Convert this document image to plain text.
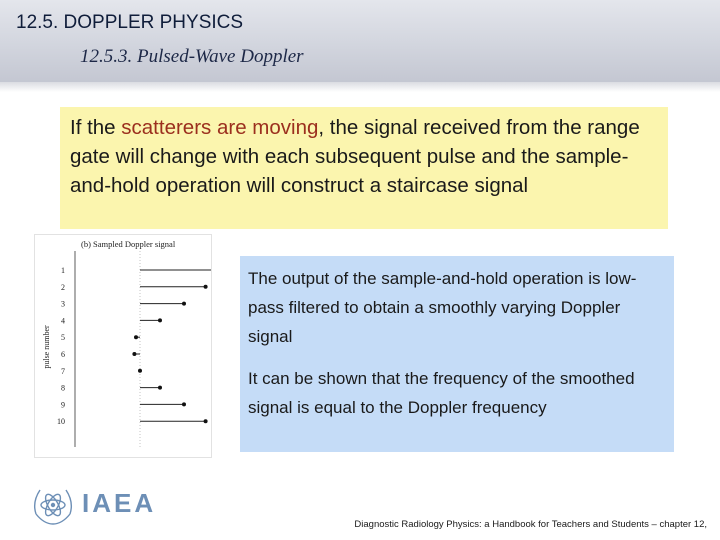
12.5. DOPPLER PHYSICS
12.5.3. Pulsed-Wave Doppler
If the scatterers are moving, the signal received from the range gate will change with each subsequent pulse and the sample-and-hold operation will construct a staircase signal
(b) Sampled Doppler signal
pulse number
1
2
3
4
5
6
7
8
9
10

The output of the sample-and-hold operation is low-pass filtered to obtain a smoothly varying Doppler signal

It can be shown that the frequency of the smoothed signal is equal to the Doppler frequency

IAEA
Diagnostic Radiology Physics: a Handbook for Teachers and Students – chapter 12,
